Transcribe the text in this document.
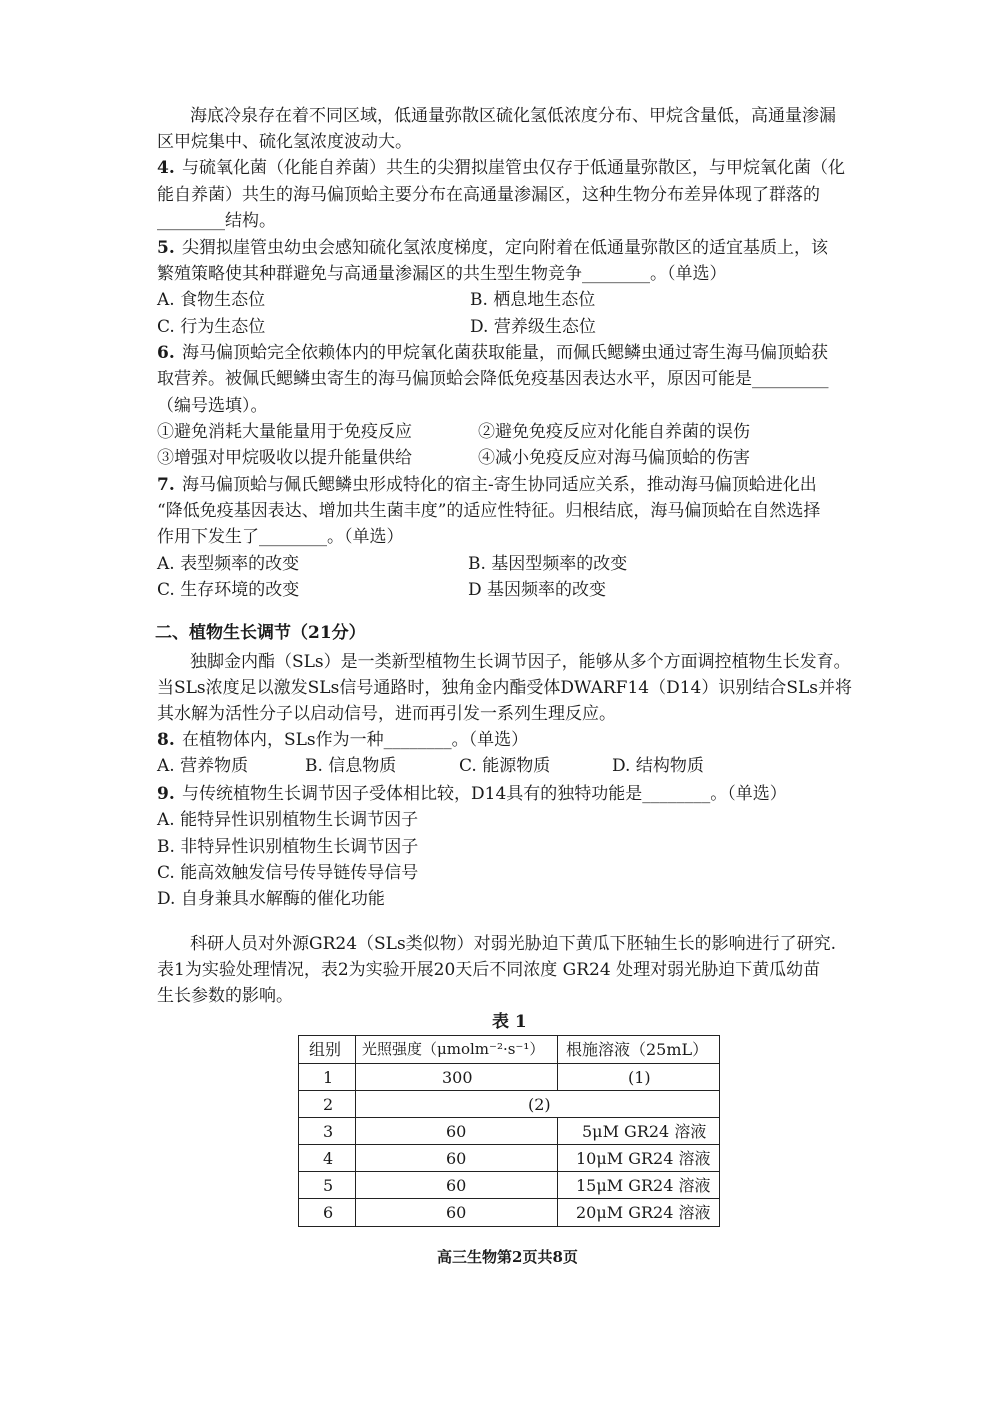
海底冷泉存在着不同区域，低通量弥散区硫化氢低浓度分布、甲烷含量低，高通量渗漏
区甲烷集中、硫化氢浓度波动大。
4. 与硫氧化菌（化能自养菌）共生的尖猬拟崖管虫仅存于低通量弥散区，与甲烷氧化菌（化
能自养菌）共生的海马偏顶蛤主要分布在高通量渗漏区，这种生物分布差异体现了群落的
________结构。
5. 尖猬拟崖管虫幼虫会感知硫化氢浓度梯度，定向附着在低通量弥散区的适宜基质上，该
繁殖策略使其种群避免与高通量渗漏区的共生型生物竞争________。（单选）
A. 食物生态位	B. 栖息地生态位
C. 行为生态位	D. 营养级生态位
6. 海马偏顶蛤完全依赖体内的甲烷氧化菌获取能量，而佩氏鳃鳞虫通过寄生海马偏顶蛤获
取营养。被佩氏鳃鳞虫寄生的海马偏顶蛤会降低免疫基因表达水平，原因可能是_________
（编号选填）。
①避免消耗大量能量用于免疫反应	②避免免疫反应对化能自养菌的误伤
③增强对甲烷吸收以提升能量供给	④减小免疫反应对海马偏顶蛤的伤害
7. 海马偏顶蛤与佩氏鳃鳞虫形成特化的宿主-寄生协同适应关系，推动海马偏顶蛤进化出
“降低免疫基因表达、增加共生菌丰度”的适应性特征。归根结底，海马偏顶蛤在自然选择
作用下发生了________。（单选）
A. 表型频率的改变	B. 基因型频率的改变
C. 生存环境的改变	D 基因频率的改变
二、植物生长调节（21分）
独脚金内酯（SLs）是一类新型植物生长调节因子，能够从多个方面调控植物生长发育。
当SLs浓度足以激发SLs信号通路时，独角金内酯受体DWARF14（D14）识别结合SLs并将
其水解为活性分子以启动信号，进而再引发一系列生理反应。
8. 在植物体内，SLs作为一种________。（单选）
A. 营养物质	B. 信息物质	C. 能源物质	D. 结构物质
9. 与传统植物生长调节因子受体相比较，D14具有的独特功能是________。（单选）
A. 能特异性识别植物生长调节因子
B. 非特异性识别植物生长调节因子
C. 能高效触发信号传导链传导信号
D. 自身兼具水解酶的催化功能
科研人员对外源GR24（SLs类似物）对弱光胁迫下黄瓜下胚轴生长的影响进行了研究.
表1为实验处理情况，表2为实验开展20天后不同浓度 GR24 处理对弱光胁迫下黄瓜幼苗
生长参数的影响。
表 1
组别 光照强度（μmolm⁻²·s⁻¹） 根施溶液（25mL）
1	300	(1)
2	(2)
3	60	5μM GR24 溶液
4	60	10μM GR24 溶液
5	60	15μM GR24 溶液
6	60	20μM GR24 溶液
高三生物第2页共8页
